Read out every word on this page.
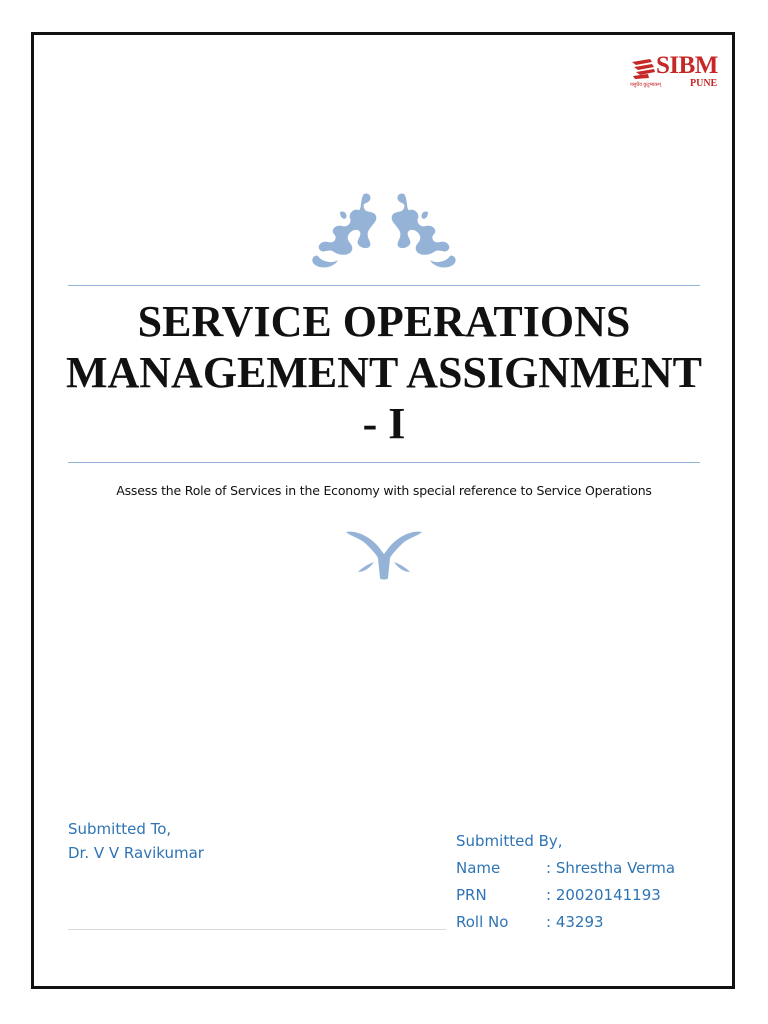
SIBM
PUNE
वसुधैव कुटुम्बकम्
SERVICE OPERATIONS
MANAGEMENT ASSIGNMENT
- I
Assess the Role of Services in the Economy with special reference to Service Operations
Submitted To,
Dr. V V Ravikumar
Submitted By,
Name	: Shrestha Verma
PRN	: 20020141193
Roll No	: 43293
